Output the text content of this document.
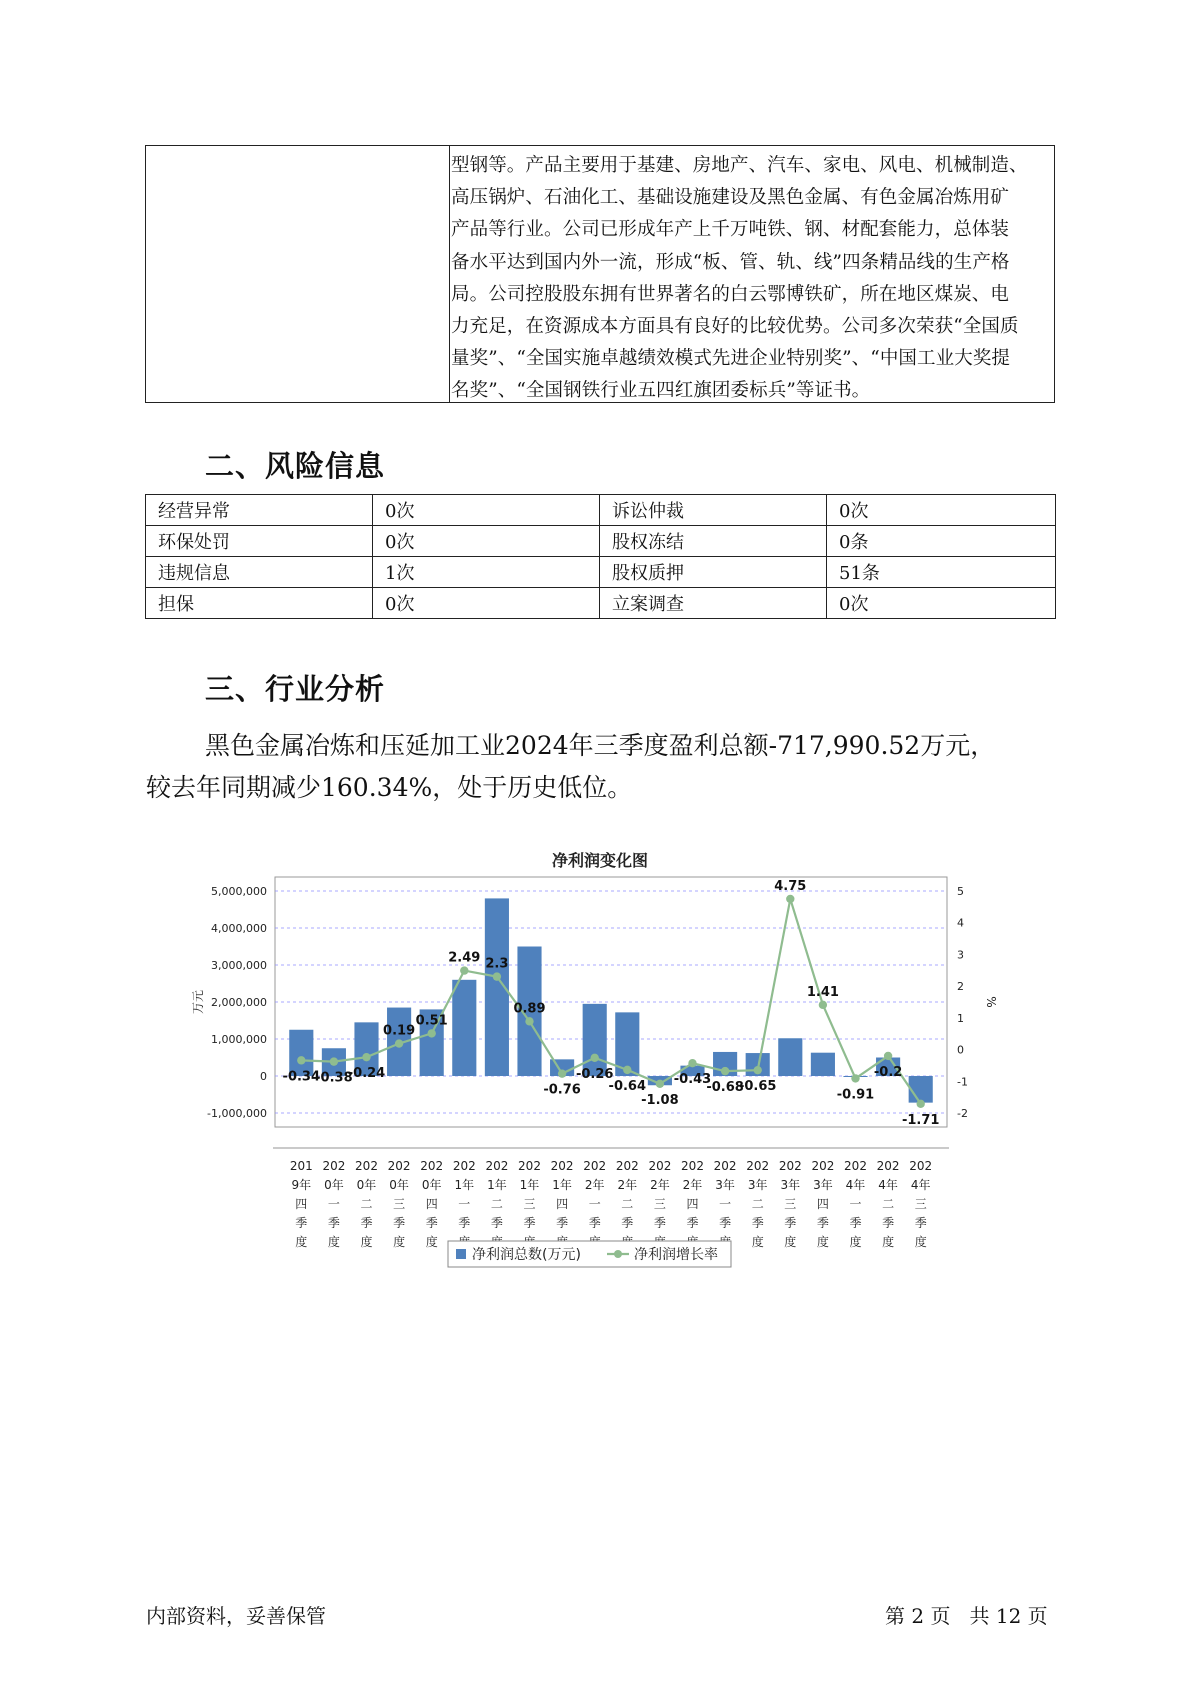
型钢等。产品主要用于基建、房地产、汽车、家电、风电、机械制造、
高压锅炉、石油化工、基础设施建设及黑色金属、有色金属冶炼用矿
产品等行业。公司已形成年产上千万吨铁、钢、材配套能力，总体装
备水平达到国内外一流，形成“板、管、轨、线”四条精品线的生产格
局。公司控股股东拥有世界著名的白云鄂博铁矿，所在地区煤炭、电
力充足，在资源成本方面具有良好的比较优势。公司多次荣获“全国质
量奖”、“全国实施卓越绩效模式先进企业特别奖”、“中国工业大奖提
名奖”、“全国钢铁行业五四红旗团委标兵”等证书。
二、风险信息
经营异常	0次	诉讼仲裁	0次
环保处罚	0次	股权冻结	0条
违规信息	1次	股权质押	51条
担保	0次	立案调查	0次
三、行业分析
黑色金属冶炼和压延加工业2024年三季度盈利总额-717,990.52万元，
较去年同期减少160.34%，处于历史低位。
净利润变化图
5,000,000
4,000,000
3,000,000
2,000,000
1,000,000
0
-1,000,000
5
4
3
2
1
0
-1
-2
万元	%
-0.34
-0.38
-0.24
0.19
0.51
2.49 2.3
0.89
-0.76
-0.26
-0.64
-1.08
-0.43
-0.68
-0.65
4.75
1.41
-0.91
-0.2
-1.71
201
9年
四
季
度
202
0年
一
季
度
202
0年
二
季
度
202
0年
三
季
度
202
0年
四
季
度
202
1年
一
季
202
1年
二
季
202
1年
三
季
202
1年
四
季
202
2年
一
季
202
2年
二
季
202
2年
三
季
202
2年
四
季
202
3年
一
季
202
3年
二
季
度
202
3年
三
季
度
202
3年
四
季
度
202
4年
一
季
度
202
4年
二
季
度
202
4年
三
季
度
净利润总数(万元)	净利润增长率
内部资料，妥善保管	第 2 页   共 12 页
